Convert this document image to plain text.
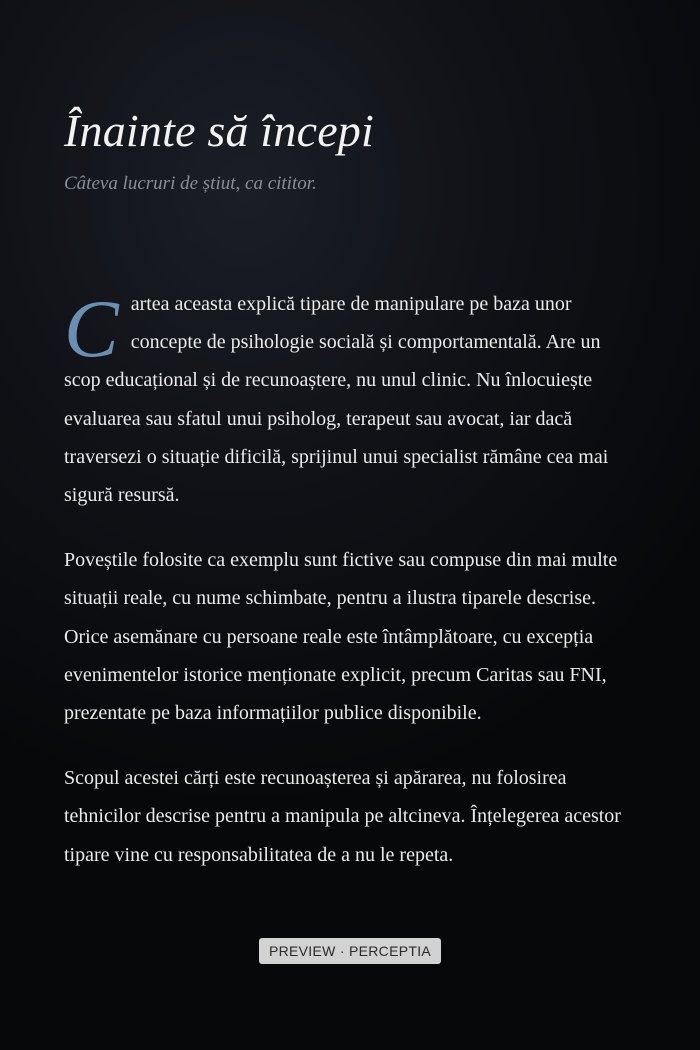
Înainte să începi

Câteva lucruri de știut, ca cititor.

Cartea aceasta explică tipare de manipulare pe baza unor concepte de psihologie socială și comportamentală. Are un scop educațional și de recunoaștere, nu unul clinic. Nu înlocuiește evaluarea sau sfatul unui psiholog, terapeut sau avocat, iar dacă traversezi o situație dificilă, sprijinul unui specialist rămâne cea mai sigură resursă.

Poveștile folosite ca exemplu sunt fictive sau compuse din mai multe situații reale, cu nume schimbate, pentru a ilustra tiparele descrise. Orice asemănare cu persoane reale este întâmplătoare, cu excepția evenimentelor istorice menționate explicit, precum Caritas sau FNI, prezentate pe baza informațiilor publice disponibile.

Scopul acestei cărți este recunoașterea și apărarea, nu folosirea tehnicilor descrise pentru a manipula pe altcineva. Înțelegerea acestor tipare vine cu responsabilitatea de a nu le repeta.

PREVIEW · PERCEPTIA
